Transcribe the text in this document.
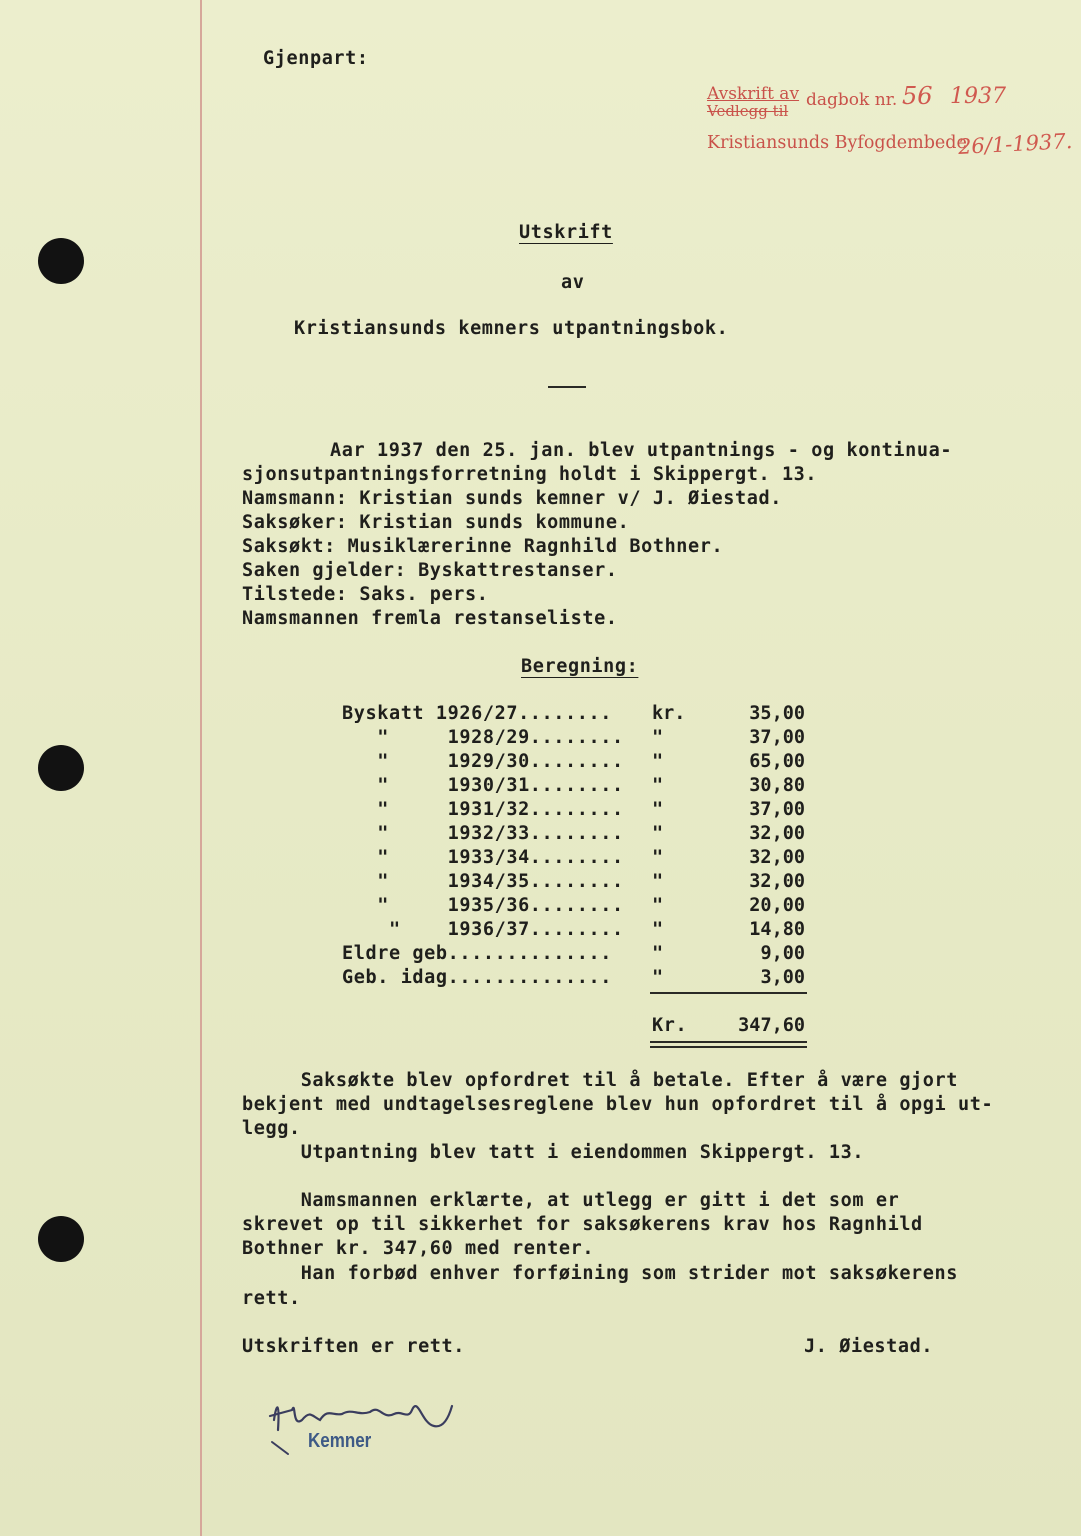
Gjenpart:
Avskrift av
Vedlegg til
dagbok nr. 56 1937
Kristiansunds Byfogdembede
26/1-1937.
Utskrift
av
Kristiansunds kemners utpantningsbok.
Aar 1937 den 25. jan. blev utpantnings - og kontinua-
sjonsutpantningsforretning holdt i Skippergt. 13.
Namsmann: Kristian sunds kemner v/ J. Øiestad.
Saksøker: Kristian sunds kommune.
Saksøkt: Musiklærerinne Ragnhild Bothner.
Saken gjelder: Byskattrestanser.
Tilstede: Saks. pers.
Namsmannen fremla restanseliste.
Beregning:
Byskatt 1926/27........ kr.	35,00
"     1928/29........ "	37,00
"     1929/30........ "	65,00
"     1930/31........ "	30,80
"     1931/32........ "	37,00
"     1932/33........ "	32,00
"     1933/34........ "	32,00
"     1934/35........ "	32,00
"     1935/36........ "	20,00
"    1936/37........ "	14,80
Eldre geb.............. "	9,00
Geb. idag.............. "	3,00
Kr.	347,60
Saksøkte blev opfordret til å betale. Efter å være gjort
bekjent med undtagelsesreglene blev hun opfordret til å opgi ut-
legg.
Utpantning blev tatt i eiendommen Skippergt. 13.
Namsmannen erklærte, at utlegg er gitt i det som er
skrevet op til sikkerhet for saksøkerens krav hos Ragnhild
Bothner kr. 347,60 med renter.
Han forbød enhver forføining som strider mot saksøkerens
rett.
Utskriften er rett.	J. Øiestad.
Kemner
